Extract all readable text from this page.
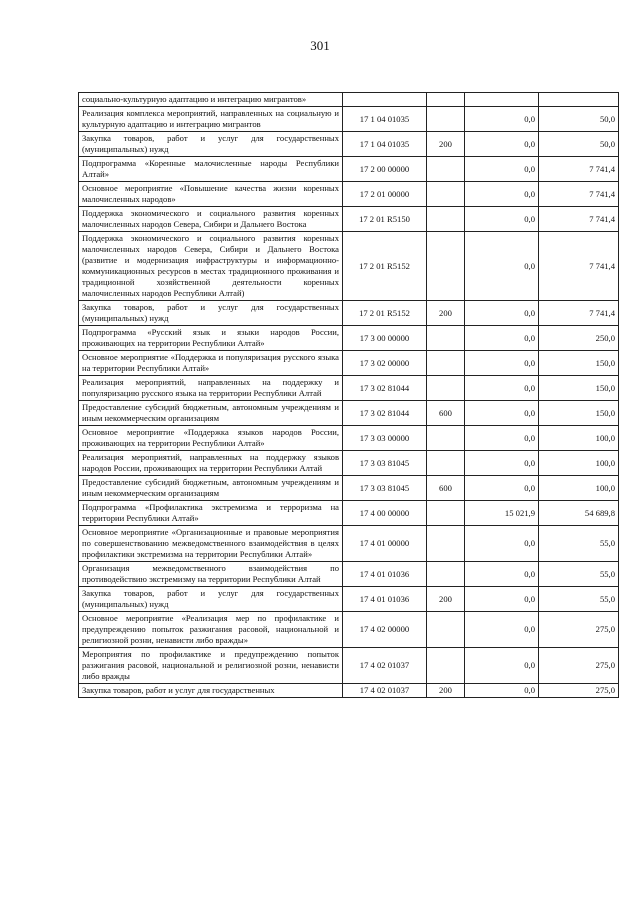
301
социально-культурную адаптацию и интеграцию мигрантов»				
Реализация комплекса мероприятий, направленных на социальную и культурную адаптацию и интеграцию мигрантов	17 1 04 01035		0,0	50,0
Закупка товаров, работ и услуг для государственных (муниципальных) нужд	17 1 04 01035	200	0,0	50,0
Подпрограмма «Коренные малочисленные народы Республики Алтай»	17 2 00 00000		0,0	7 741,4
Основное мероприятие «Повышение качества жизни коренных малочисленных народов»	17 2 01 00000		0,0	7 741,4
Поддержка экономического и социального развития коренных малочисленных народов Севера, Сибири и Дальнего Востока	17 2 01 R5150		0,0	7 741,4
Поддержка экономического и социального развития коренных малочисленных народов Севера, Сибири и Дальнего Востока (развитие и модернизация инфраструктуры и информационно-коммуникационных ресурсов в местах традиционного проживания и традиционной хозяйственной деятельности коренных малочисленных народов Республики Алтай)	17 2 01 R5152		0,0	7 741,4
Закупка товаров, работ и услуг для государственных (муниципальных) нужд	17 2 01 R5152	200	0,0	7 741,4
Подпрограмма «Русский язык и языки народов России, проживающих на территории Республики Алтай»	17 3 00 00000		0,0	250,0
Основное мероприятие «Поддержка и популяризация русского языка на территории Республики Алтай»	17 3 02 00000		0,0	150,0
Реализация мероприятий, направленных на поддержку и популяризацию русского языка на территории Республики Алтай	17 3 02 81044		0,0	150,0
Предоставление субсидий бюджетным, автономным учреждениям и иным некоммерческим организациям	17 3 02 81044	600	0,0	150,0
Основное мероприятие «Поддержка языков народов России, проживающих на территории Республики Алтай»	17 3 03 00000		0,0	100,0
Реализация мероприятий, направленных на поддержку языков народов России, проживающих на территории Республики Алтай	17 3 03 81045		0,0	100,0
Предоставление субсидий бюджетным, автономным учреждениям и иным некоммерческим организациям	17 3 03 81045	600	0,0	100,0
Подпрограмма «Профилактика экстремизма и терроризма на территории Республики Алтай»	17 4 00 00000		15 021,9	54 689,8
Основное мероприятие «Организационные и правовые мероприятия по совершенствованию межведомственного взаимодействия в целях профилактики экстремизма на территории Республики Алтай»	17 4 01 00000		0,0	55,0
Организация межведомственного взаимодействия по противодействию экстремизму на территории Республики Алтай	17 4 01 01036		0,0	55,0
Закупка товаров, работ и услуг для государственных (муниципальных) нужд	17 4 01 01036	200	0,0	55,0
Основное мероприятие «Реализация мер по профилактике и предупреждению попыток разжигания расовой, национальной и религиозной розни, ненависти либо вражды»	17 4 02 00000		0,0	275,0
Мероприятия по профилактике и предупреждению попыток разжигания расовой, национальной и религиозной розни, ненависти либо вражды	17 4 02 01037		0,0	275,0
Закупка товаров, работ и услуг для государственных	17 4 02 01037	200	0,0	275,0
